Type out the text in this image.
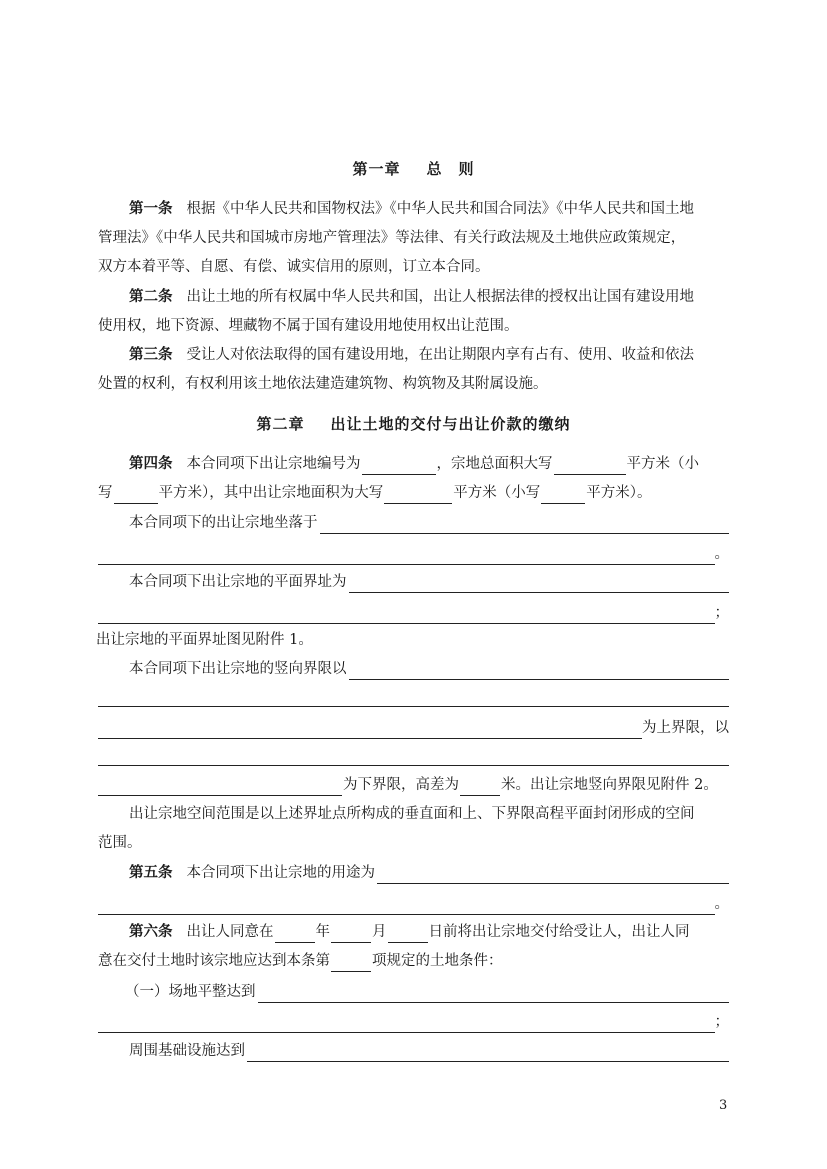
第一章 总　则
第一条 根据《中华人民共和国物权法》《中华人民共和国合同法》《中华人民共和国土地
管理法》《中华人民共和国城市房地产管理法》等法律、有关行政法规及土地供应政策规定，
双方本着平等、自愿、有偿、诚实信用的原则，订立本合同。
第二条 出让土地的所有权属中华人民共和国，出让人根据法律的授权出让国有建设用地
使用权，地下资源、埋藏物不属于国有建设用地使用权出让范围。
第三条 受让人对依法取得的国有建设用地，在出让期限内享有占有、使用、收益和依法
处置的权利，有权利用该土地依法建造建筑物、构筑物及其附属设施。
第二章 出让土地的交付与出让价款的缴纳
第四条 本合同项下出让宗地编号为	，宗地总面积大写	平方米（小
写	平方米），其中出让宗地面积为大写	平方米（小写	平方米）。
本合同项下的出让宗地坐落于
。
本合同项下出让宗地的平面界址为
；
出让宗地的平面界址图见附件 1。
本合同项下出让宗地的竖向界限以
为上界限，以
为下界限，高差为	米。出让宗地竖向界限见附件 2。
出让宗地空间范围是以上述界址点所构成的垂直面和上、下界限高程平面封闭形成的空间
范围。
第五条 本合同项下出让宗地的用途为
。
第六条 出让人同意在	年	月	日前将出让宗地交付给受让人，出让人同
意在交付土地时该宗地应达到本条第	项规定的土地条件：
（一）场地平整达到
；
周围基础设施达到
3
